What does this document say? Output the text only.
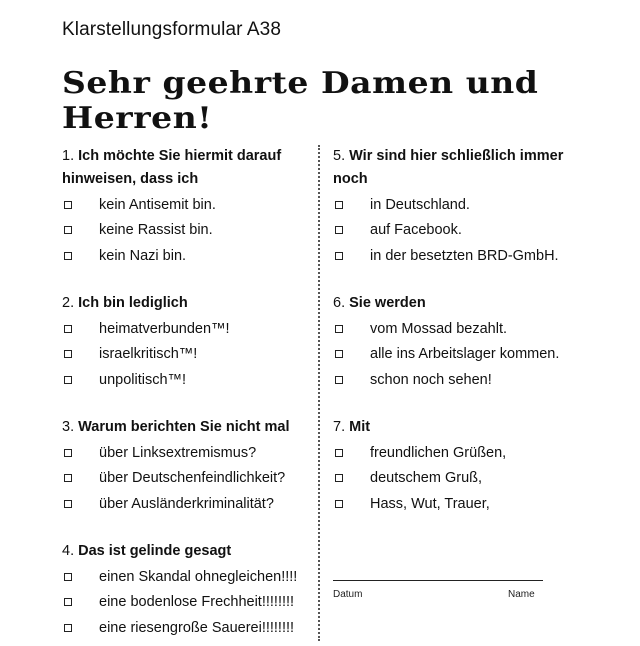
Klarstellungsformular A38
Sehr geehrte Damen und Herren!
1. Ich möchte Sie hiermit darauf hinweisen, dass ich
kein Antisemit bin.
keine Rassist bin.
kein Nazi bin.
2. Ich bin lediglich
heimatverbunden™!
israelkritisch™!
unpolitisch™!
3. Warum berichten Sie nicht mal
über Linksextremismus?
über Deutschenfeindlichkeit?
über Ausländerkriminalität?
4. Das ist gelinde gesagt
einen Skandal ohnegleichen!!!!
eine bodenlose Frechheit!!!!!!!!
eine riesengroße Sauerei!!!!!!!!
5. Wir sind hier schließlich immer noch
in Deutschland.
auf Facebook.
in der besetzten BRD-GmbH.
6. Sie werden
vom Mossad bezahlt.
alle ins Arbeitslager kommen.
schon noch sehen!
7. Mit
freundlichen Grüßen,
deutschem Gruß,
Hass, Wut, Trauer,
Datum	Name
